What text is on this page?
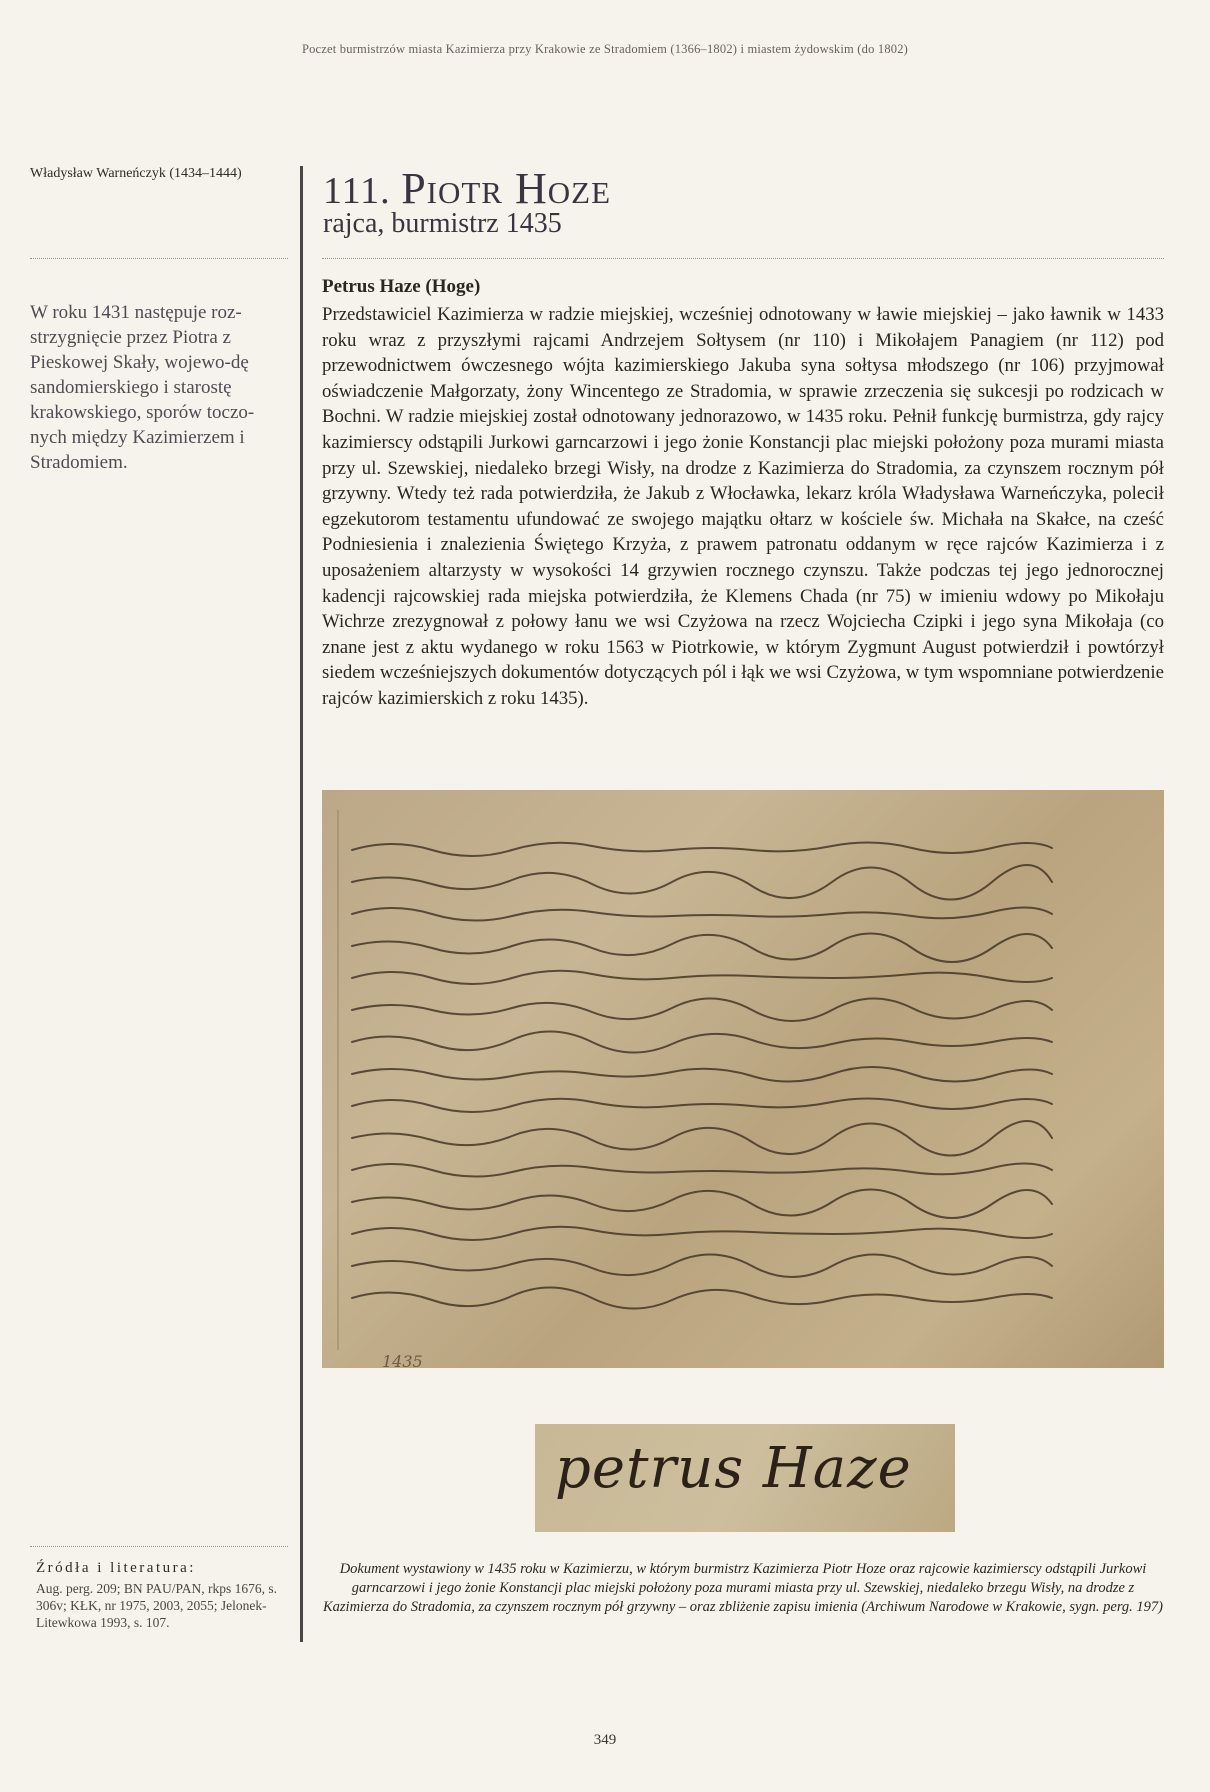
Poczet burmistrzów miasta Kazimierza przy Krakowie ze Stradomiem (1366–1802) i miastem żydowskim (do 1802)
Władysław Warneńczyk (1434–1444)
W roku 1431 następuje roz-strzygnięcie przez Piotra z Pieskowej Skały, wojewo-dę sandomierskiego i starostę krakowskiego, sporów toczo-nych między Kazimierzem i Stradomiem.
111. Piotr Hoze
rajca, burmistrz 1435
Petrus Haze (Hoge)
Przedstawiciel Kazimierza w radzie miejskiej, wcześniej odnotowany w ławie miejskiej – jako ławnik w 1433 roku wraz z przyszłymi rajcami Andrzejem Sołtysem (nr 110) i Mikołajem Panagiem (nr 112) pod przewodnictwem ówczesnego wójta kazimierskiego Jakuba syna sołtysa młodszego (nr 106) przyjmował oświadczenie Małgorzaty, żony Wincentego ze Stradomia, w sprawie zrzeczenia się sukcesji po rodzicach w Bochni. W radzie miejskiej został odnotowany jednorazowo, w 1435 roku. Pełnił funkcję burmistrza, gdy rajcy kazimierscy odstąpili Jurkowi garncarzowi i jego żonie Konstancji plac miejski położony poza murami miasta przy ul. Szewskiej, niedaleko brzegi Wisły, na drodze z Kazimierza do Stradomia, za czynszem rocznym pół grzywny. Wtedy też rada potwierdziła, że Jakub z Włocławka, lekarz króla Władysława Warneńczyka, polecił egzekutorom testamentu ufundować ze swojego majątku ołtarz w kościele św. Michała na Skałce, na cześć Podniesienia i znalezienia Świętego Krzyża, z prawem patronatu oddanym w ręce rajców Kazimierza i z uposażeniem altarzysty w wysokości 14 grzywien rocznego czynszu. Także podczas tej jego jednorocznej kadencji rajcowskiej rada miejska potwierdziła, że Klemens Chada (nr 75) w imieniu wdowy po Mikołaju Wichrze zrezygnował z połowy łanu we wsi Czyżowa na rzecz Wojciecha Czipki i jego syna Mikołaja (co znane jest z aktu wydanego w roku 1563 w Piotrkowie, w którym Zygmunt August potwierdził i powtórzył siedem wcześniejszych dokumentów dotyczących pól i łąk we wsi Czyżowa, w tym wspomniane potwierdzenie rajców kazimierskich z roku 1435).
1435
petrus Haze
Źródła i literatura:
Aug. perg. 209; BN PAU/PAN, rkps 1676, s. 306v; KŁK, nr 1975, 2003, 2055; Jelonek-Litewkowa 1993, s. 107.
Dokument wystawiony w 1435 roku w Kazimierzu, w którym burmistrz Kazimierza Piotr Hoze oraz rajcowie kazimierscy odstąpili Jurkowi garncarzowi i jego żonie Konstancji plac miejski położony poza murami miasta przy ul. Szewskiej, niedaleko brzegu Wisły, na drodze z Kazimierza do Stradomia, za czynszem rocznym pół grzywny – oraz zbliżenie zapisu imienia (Archiwum Narodowe w Krakowie, sygn. perg. 197)
349
